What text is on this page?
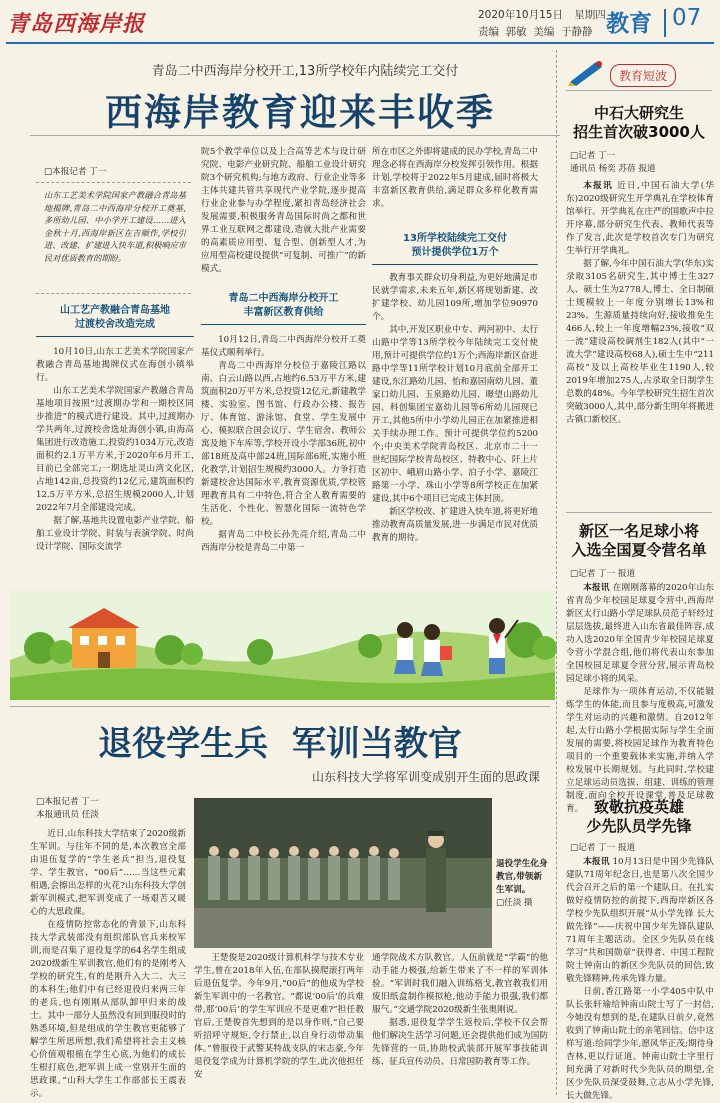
青岛西海岸报	2020年10月15日 星期四
责编  郭敏  美编  于静静 教育 07
青岛二中西海岸分校开工,13所学校年内陆续完工交付
西海岸教育迎来丰收季
□本报记者 丁一
山东工艺美术学院国家产教融合青岛基地揭牌,青岛二中西海岸分校开工奠基,多所幼儿园、中小学开工建设……进入金秋十月,西海岸新区在吉顺作,学校引进、改建、扩建进入快车道,积极响应市民对优质教育的期盼。
山工艺产教融合青岛基地
过渡校舍改造完成

10月10日,山东工艺美术学院国家产教融合青岛基地揭牌仪式在海创小镇举行。

山东工艺美术学院国家产教融合青岛基地项目按照“过渡期办学和一期校区同步推进”的模式进行建设。其中,过渡期办学共两年,过渡校舍选址海创小镇,由海高集团进行改造施工,投资约1034万元,改造面积约2.1万平方米,于2020年6月开工,目前已全部完工;一期选址灵山湾文化区,占地142亩,总投资约12亿元,建筑面积约12.5万平方米,总招生规模2000人,计划2022年7月全部建设完成。

据了解,基地共设置电影产业学院、船舶工业设计学院、时装与表演学院、时尚设计学院、国际交流学

院5个教学单位以及上合高等艺术与设计研究院、电影产业研究院、船舶工业设计研究院3个研究机构;与地方政府、行业企业等多主体共建共管共享现代产业学院,逐步提高行业企业参与办学程度,紧扣青岛经济社会发展需要,积极服务青岛国际时尚之都和世界工业互联网之都建设,造就大批产业需要的高素质应用型、复合型、创新型人才,为应用型高校建设提供“可复制、可推广”的新模式。

青岛二中西海岸分校开工
丰富新区教育供给

10月12日,青岛二中西海岸分校开工奠基仪式顺利举行。

青岛二中西海岸分校位于嘉陵江路以南、白云山路以西,占地约6.53万平方米,建筑面积20万平方米,总投资12亿元,新建教学楼、实验室、图书馆、行政办公楼、报告厅、体育馆、游泳馆、食堂、学生发展中心、模拟联合国会议厅、学生宿舍、教师公寓及地下车库等,学校开设小学部36班,初中部18班及高中部24班,国际部6班,实施小班化教学,计划招生规模约3000人。力争打造新建校舍达国际水平,教育资源优质,学校管理教育具有二中特色,符合全人教育需要的生活化、个性化、智慧化国际一流特色学校。

据青岛二中校长孙先亮介绍,青岛二中西海岸分校是青岛二中第一

所在市区之外即将建成的民办学校,青岛二中理念必将在西海岸分校发挥引领作用。根据计划,学校将于2022年5月建成,届时将极大丰富新区教育供给,满足群众多样化教育需求。

13所学校陆续完工交付
预计提供学位1万个

教育事关群众切身利益,为更好地满足市民就学需求,未来五年,新区将规划新建、改扩建学校、幼儿园109所,增加学位90970个。

其中,开发区职业中专、两河初中、太行山路中学等13所学校今年陆续完工交付使用,预计可提供学位约1万个;西海岸新区奋进路中学等11所学校计划10月底前全部开工建设,东江路幼儿园、怡和嘉园南幼儿园、董家口幼儿园、玉泉路幼儿园、暻望山路幼儿园、科创集团宝嘉幼儿园等6所幼儿园现已开工,其他5所中小学幼儿园正在加紧推进相关手续办理工作。预计可提供学位约5200个;中央美术学院青岛校区、北京市二十一世纪国际学校青岛校区、特教中心、阡上片区初中、峨眉山路小学、泊子小学、嘉陵江路第一小学、珠山小学等8所学校正在加紧建设,其中6个项目已完成主体封顶。

新区学校改、扩建进入快车道,将更好地推动教育高质量发展,进一步满足市民对优质教育的期待。

教育短波
中石大研究生
招生首次破3000人
□记者 丁一
通讯员 杨奕 苏蓓 报道

本报讯 近日,中国石油大学(华东)2020级研究生开学典礼在学校体育馆举行。开学典礼在庄严的国歌声中拉开序幕,部分研究生代表、教师代表等作了发言,此次是学校首次专门为研究生举行开学典礼。

据了解,今年中国石油大学(华东)实录取3105名研究生,其中博士生327人、硕士生为2778人,博士、全日制硕士规模较上一年度分别增长13%和23%。生源质量持续向好,接收推免生466人,较上一年度增幅23%,接收“双一流”建设高校调剂生182人(其中“一流大学”建设高校68人),硕士生中“211高校”及以上高校毕业生1190人,较2019年增加275人,占录取全日制学生总数的48%。今年学校研究生招生首次突破3000人,其中,部分新生明年将搬进古镇口新校区。

新区一名足球小将
入选全国夏令营名单
□记者 丁一 报道

本报讯 在刚刚落幕的2020年山东省青岛少年校园足球夏令营中,西海岸新区太行山路小学足球队员范子轩经过层层选拔,最终进入山东省最佳阵容,成功入选2020年全国青少年校园足球夏令营小学混合组,他们将代表山东参加全国校园足球夏令营分营,展示青岛校园足球小将的风采。

足球作为一项体育运动,不仅能锻炼学生的体能,而且参与度极高,可激发学生对运动的兴趣和激情。自2012年起,太行山路小学根据实际与学生全面发展的需要,将校园足球作为教育特色项目的一个重要载体来实施,并纳入学校发展中长期规划。与此同时,学校建立足球运动员选拔、组建、训练的管理制度,面向全校开设课堂,普及足球教育。 致敬抗疫英雄
少先队员学先锋
□记者 丁一 报道

本报讯 10月13日是中国少先锋队建队71周年纪念日,也是第八次全国少代会召开之后的第一个建队日。在扎实做好疫情防控的前提下,西海岸新区各学校少先队组织开展“从小学先锋 长大做先锋”——庆祝中国少年先锋队建队71周年主题活动。全区少先队员在线学习“共和国勋章”获得者、中国工程院院士钟南山的新区少先队员的回信,致敬先锋精神,传承先锋力量。

日前,香江路第一小学405中队中队长张轩瑜给钟南山院士写了一封信,今她没有想到的是,在建队日前夕,竟然收到了钟南山院士的亲笔回信。信中这样写道:给同学少年,愿风华正茂;期待身杏林,更以行证道。钟南山院士字里行间充满了对新时代少先队员的期望,全区少先队员深受鼓舞,立志从小学先锋,长大做先锋。

退役学生兵  军训当教官
山东科技大学将军训变成别开生面的思政课
□本报记者 丁一
本报通讯员 任淡

近日,山东科技大学结束了2020级新生军训。与往年不同的是,本次教官全部由退伍复学的“学生老兵”担当,退役复学、学生教官、“00后”……当这些元素相遇,会擦出怎样的火花?山东科技大学创新军训模式,把军训变成了一场艰苦又暖心的大思政课。

在疫情防控常态化的背景下,山东科技大学武装部没有组织部队官兵来校军训,而是召集了退役复学的64名学生组成2020级新生军训教官,他们有的是刚考入学校的研究生,有的是刚升入大二、大三的本科生;他们中有已经退役归来两三年的老兵,也有刚刚从部队卸甲归来的战士。其中一部分人虽然没有回到服役时的熟悉环境,但是组成的学生教官更能够了解学生所思所想,我们希望将社会主义核心价值观根植在学生心底,为他们的成长生根打底色,把军训上成一堂别开生面的思政课。”山科大学生工作部部长王震表示。

退役学生化身教官,带领新生军训。
□任淡 摄

王楚俊是2020级计算机科学与技术专业学生,曾在2018年入伍,在部队摸爬滚打两年后退伍复学。今年9月,“00后”的他成为学校新生军训中的一名教官。“都说‘00后’的兵难带,那‘00后’的学生军训应不是更难?”担任教官后,王楚俊首先想到的是以身作则,“自己要听招呼守规矩,令行禁止,以自身行动带动集体。”曾服役于武警某特战支队的宋志豪,今年退役复学成为计算机学院的学生,此次他担任安

通学院战术方队教官。人伍前就是“学霸”的他动手能力极强,给新生带来了不一样的军训体验。“军训时我们融入训练格戈,教官教我们用废旧纸盒制作模拟枪,他动手能力很强,我们都服气。”交通学院2020级新生张奥刚说。

据悉,退役复学学生返校后,学校不仅会帮他们解决生活学习问题,还会提供他们成为国防先锋营的一员,协助校武装部开展军事技能训练、征兵宣传动员、日常国防教育等工作。
